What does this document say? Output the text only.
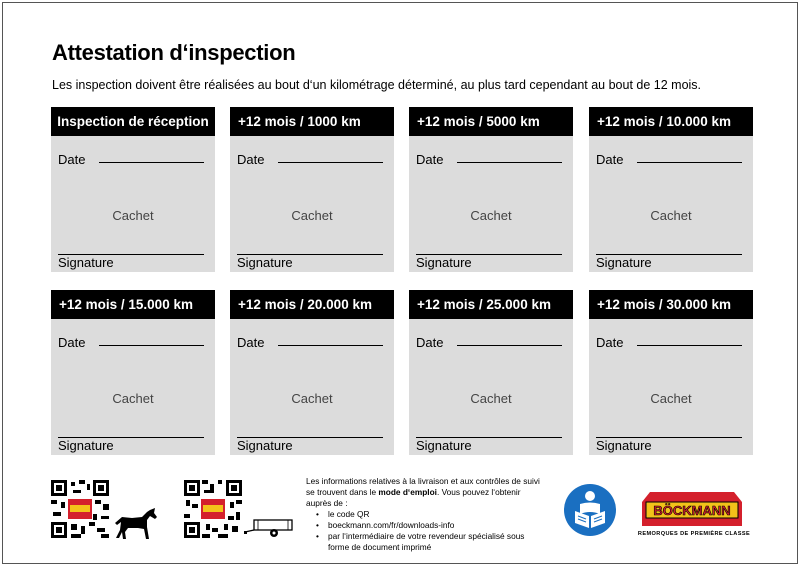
Attestation d‘inspection
Les inspection doivent être réalisées au bout d‘un kilométrage déterminé, au plus tard cependant au bout de 12 mois.
Inspection de réception
Date
Cachet
Signature
+12 mois / 1000 km
Date
Cachet
Signature
+12 mois / 5000 km
Date
Cachet
Signature
+12 mois / 10.000 km
Date
Cachet
Signature
+12 mois / 15.000 km
Date
Cachet
Signature
+12 mois / 20.000 km
Date
Cachet
Signature
+12 mois / 25.000 km
Date
Cachet
Signature
+12 mois / 30.000 km
Date
Cachet
Signature
Les informations relatives à la livraison et aux contrôles de suivi se trouvent dans le mode d‘emploi. Vous pouvez l‘obtenir auprès de :
• le code QR
• boeckmann.com/fr/downloads-info
• par l‘intermédiaire de votre revendeur spécialisé sous forme de document imprimé
BÖCKMANN
REMORQUES DE PREMIÈRE CLASSE
